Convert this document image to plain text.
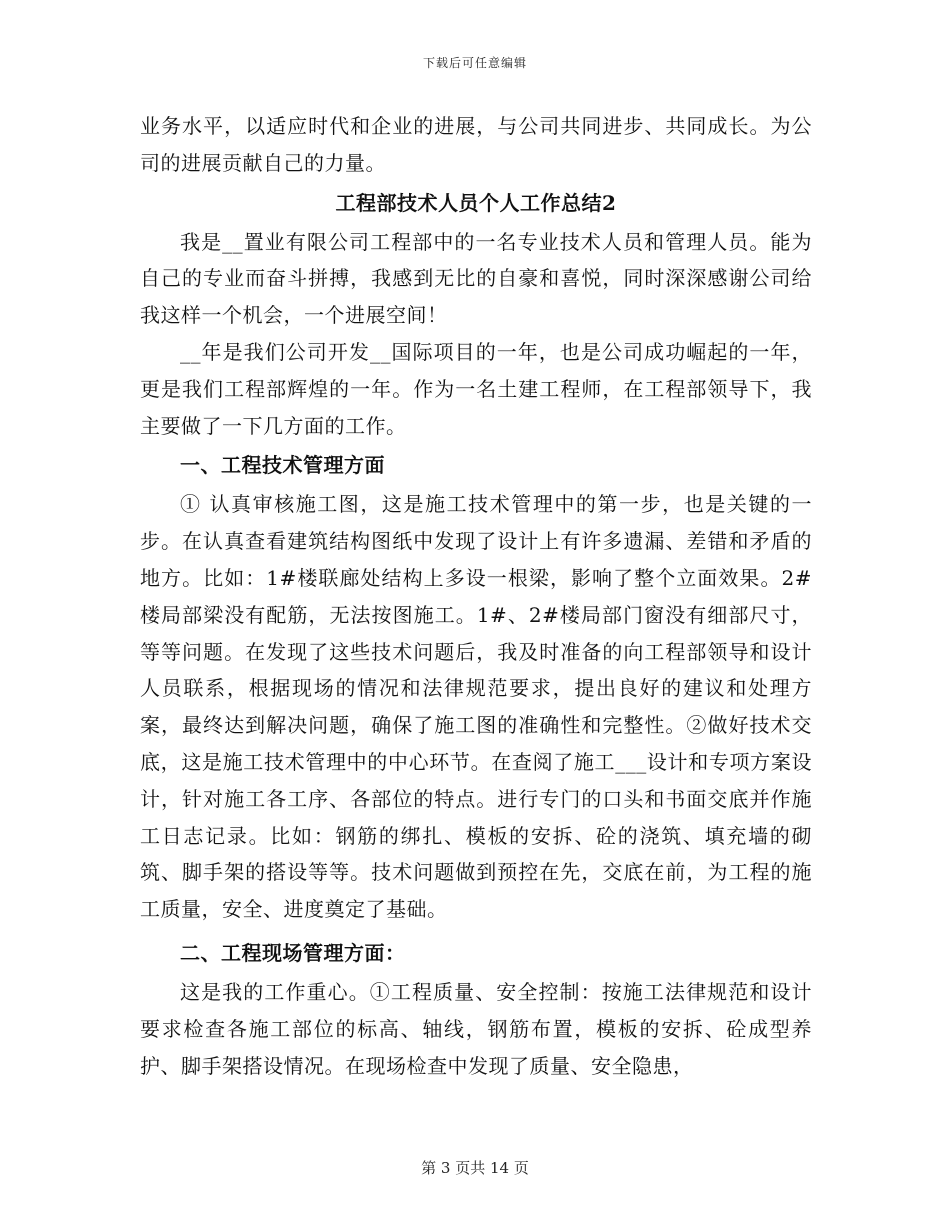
下载后可任意编辑

业务水平，以适应时代和企业的进展，与公司共同进步、共同成长。为公司的进展贡献自己的力量。

工程部技术人员个人工作总结2

我是__置业有限公司工程部中的一名专业技术人员和管理人员。能为自己的专业而奋斗拼搏，我感到无比的自豪和喜悦，同时深深感谢公司给我这样一个机会，一个进展空间！

__年是我们公司开发__国际项目的一年，也是公司成功崛起的一年，更是我们工程部辉煌的一年。作为一名土建工程师，在工程部领导下，我主要做了一下几方面的工作。

一、工程技术管理方面

① 认真审核施工图，这是施工技术管理中的第一步，也是关键的一步。在认真查看建筑结构图纸中发现了设计上有许多遗漏、差错和矛盾的地方。比如：1#楼联廊处结构上多设一根梁，影响了整个立面效果。2#楼局部梁没有配筋，无法按图施工。1#、2#楼局部门窗没有细部尺寸，等等问题。在发现了这些技术问题后，我及时准备的向工程部领导和设计人员联系，根据现场的情况和法律规范要求，提出良好的建议和处理方案，最终达到解决问题，确保了施工图的准确性和完整性。②做好技术交底，这是施工技术管理中的中心环节。在查阅了施工___设计和专项方案设计，针对施工各工序、各部位的特点。进行专门的口头和书面交底并作施工日志记录。比如：钢筋的绑扎、模板的安拆、砼的浇筑、填充墙的砌筑、脚手架的搭设等等。技术问题做到预控在先，交底在前，为工程的施工质量，安全、进度奠定了基础。

二、工程现场管理方面：

这是我的工作重心。①工程质量、安全控制：按施工法律规范和设计要求检查各施工部位的标高、轴线，钢筋布置，模板的安拆、砼成型养护、脚手架搭设情况。在现场检查中发现了质量、安全隐患，

第 3 页共 14 页
